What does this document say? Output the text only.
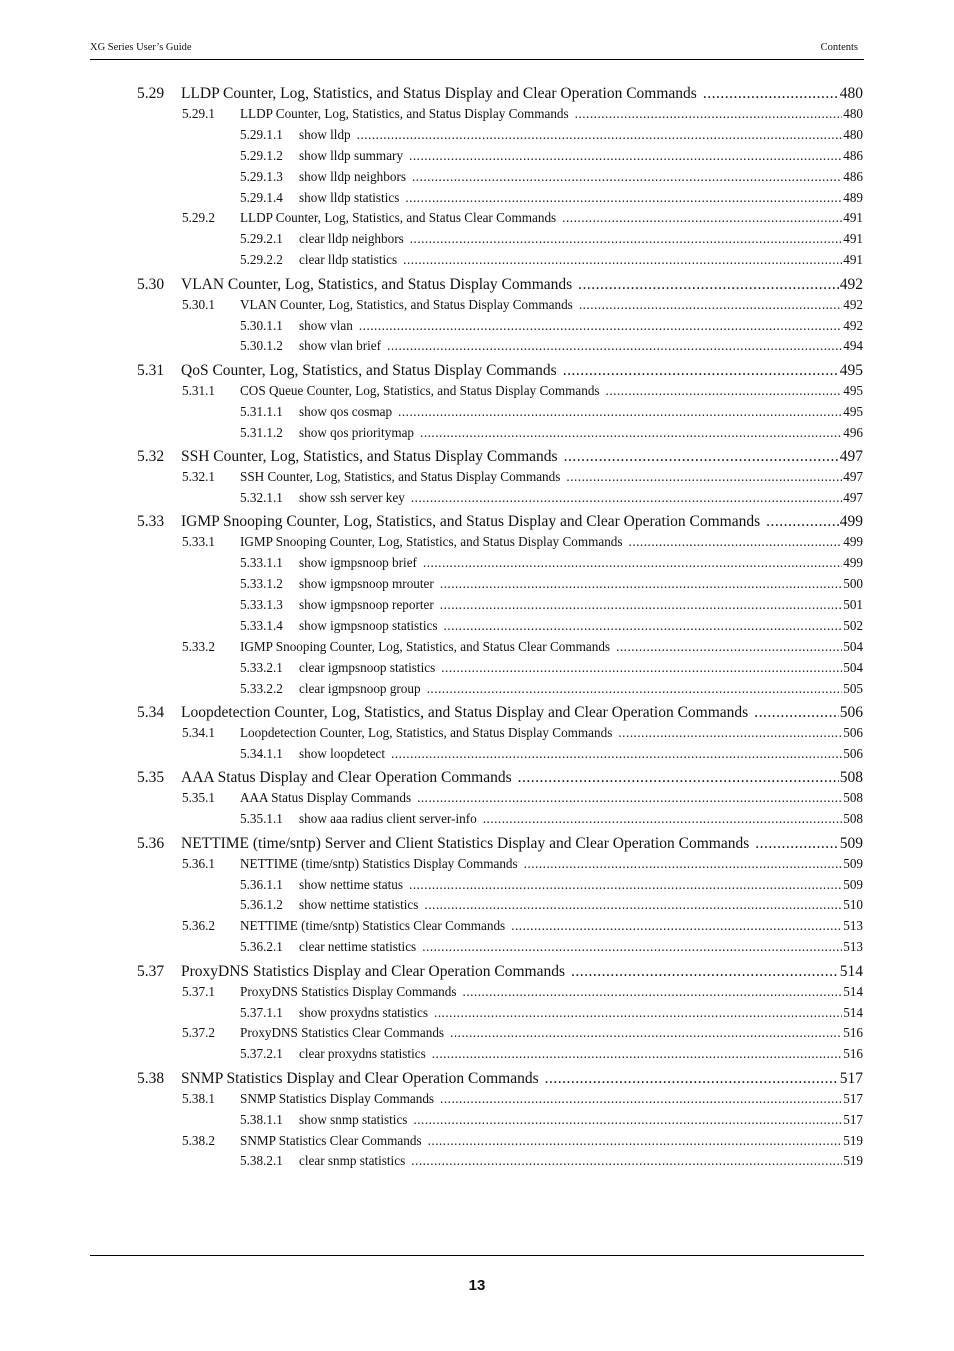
XG Series User’s Guide	Contents
5.29	LLDP Counter, Log, Statistics, and Status Display and Clear Operation Commands .....	480
5.29.1	LLDP Counter, Log, Statistics, and Status Display Commands .....	480
5.29.1.1	show lldp .....	480
5.29.1.2	show lldp summary .....	486
5.29.1.3	show lldp neighbors .....	486
5.29.1.4	show lldp statistics .....	489
5.29.2	LLDP Counter, Log, Statistics, and Status Clear Commands .....	491
5.29.2.1	clear lldp neighbors .....	491
5.29.2.2	clear lldp statistics .....	491
5.30	VLAN Counter, Log, Statistics, and Status Display Commands .....	492
5.30.1	VLAN Counter, Log, Statistics, and Status Display Commands .....	492
5.30.1.1	show vlan .....	492
5.30.1.2	show vlan brief .....	494
5.31	QoS Counter, Log, Statistics, and Status Display Commands .....	495
5.31.1	COS Queue Counter, Log, Statistics, and Status Display Commands .....	495
5.31.1.1	show qos cosmap .....	495
5.31.1.2	show qos prioritymap .....	496
5.32	SSH Counter, Log, Statistics, and Status Display Commands .....	497
5.32.1	SSH Counter, Log, Statistics, and Status Display Commands .....	497
5.32.1.1	show ssh server key .....	497
5.33	IGMP Snooping Counter, Log, Statistics, and Status Display and Clear Operation Commands .....	499
5.33.1	IGMP Snooping Counter, Log, Statistics, and Status Display Commands .....	499
5.33.1.1	show igmpsnoop brief .....	499
5.33.1.2	show igmpsnoop mrouter .....	500
5.33.1.3	show igmpsnoop reporter .....	501
5.33.1.4	show igmpsnoop statistics .....	502
5.33.2	IGMP Snooping Counter, Log, Statistics, and Status Clear Commands .....	504
5.33.2.1	clear igmpsnoop statistics .....	504
5.33.2.2	clear igmpsnoop group .....	505
5.34	Loopdetection Counter, Log, Statistics, and Status Display and Clear Operation Commands .....	506
5.34.1	Loopdetection Counter, Log, Statistics, and Status Display Commands .....	506
5.34.1.1	show loopdetect .....	506
5.35	AAA Status Display and Clear Operation Commands .....	508
5.35.1	AAA Status Display Commands .....	508
5.35.1.1	show aaa radius client server-info .....	508
5.36	NETTIME (time/sntp) Server and Client Statistics Display and Clear Operation Commands .....	509
5.36.1	NETTIME (time/sntp) Statistics Display Commands .....	509
5.36.1.1	show nettime status .....	509
5.36.1.2	show nettime statistics .....	510
5.36.2	NETTIME (time/sntp) Statistics Clear Commands .....	513
5.36.2.1	clear nettime statistics .....	513
5.37	ProxyDNS Statistics Display and Clear Operation Commands .....	514
5.37.1	ProxyDNS Statistics Display Commands .....	514
5.37.1.1	show proxydns statistics .....	514
5.37.2	ProxyDNS Statistics Clear Commands .....	516
5.37.2.1	clear proxydns statistics .....	516
5.38	SNMP Statistics Display and Clear Operation Commands .....	517
5.38.1	SNMP Statistics Display Commands .....	517
5.38.1.1	show snmp statistics .....	517
5.38.2	SNMP Statistics Clear Commands .....	519
5.38.2.1	clear snmp statistics .....	519
13
